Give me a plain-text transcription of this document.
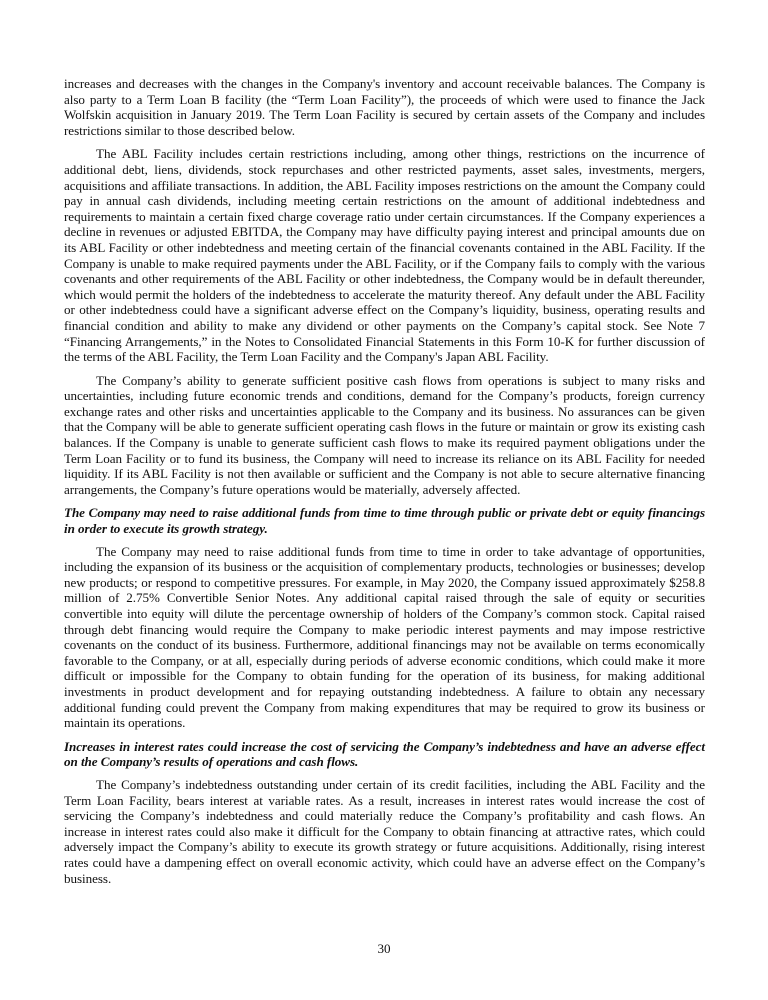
increases and decreases with the changes in the Company's inventory and account receivable balances. The Company is also party to a Term Loan B facility (the “Term Loan Facility”), the proceeds of which were used to finance the Jack Wolfskin acquisition in January 2019. The Term Loan Facility is secured by certain assets of the Company and includes restrictions similar to those described below.

The ABL Facility includes certain restrictions including, among other things, restrictions on the incurrence of additional debt, liens, dividends, stock repurchases and other restricted payments, asset sales, investments, mergers, acquisitions and affiliate transactions. In addition, the ABL Facility imposes restrictions on the amount the Company could pay in annual cash dividends, including meeting certain restrictions on the amount of additional indebtedness and requirements to maintain a certain fixed charge coverage ratio under certain circumstances. If the Company experiences a decline in revenues or adjusted EBITDA, the Company may have difficulty paying interest and principal amounts due on its ABL Facility or other indebtedness and meeting certain of the financial covenants contained in the ABL Facility. If the Company is unable to make required payments under the ABL Facility, or if the Company fails to comply with the various covenants and other requirements of the ABL Facility or other indebtedness, the Company would be in default thereunder, which would permit the holders of the indebtedness to accelerate the maturity thereof. Any default under the ABL Facility or other indebtedness could have a significant adverse effect on the Company’s liquidity, business, operating results and financial condition and ability to make any dividend or other payments on the Company’s capital stock. See Note 7 “Financing Arrangements,” in the Notes to Consolidated Financial Statements in this Form 10-K for further discussion of the terms of the ABL Facility, the Term Loan Facility and the Company's Japan ABL Facility.

The Company’s ability to generate sufficient positive cash flows from operations is subject to many risks and uncertainties, including future economic trends and conditions, demand for the Company’s products, foreign currency exchange rates and other risks and uncertainties applicable to the Company and its business. No assurances can be given that the Company will be able to generate sufficient operating cash flows in the future or maintain or grow its existing cash balances. If the Company is unable to generate sufficient cash flows to make its required payment obligations under the Term Loan Facility or to fund its business, the Company will need to increase its reliance on its ABL Facility for needed liquidity. If its ABL Facility is not then available or sufficient and the Company is not able to secure alternative financing arrangements, the Company’s future operations would be materially, adversely affected.

The Company may need to raise additional funds from time to time through public or private debt or equity financings in order to execute its growth strategy.

The Company may need to raise additional funds from time to time in order to take advantage of opportunities, including the expansion of its business or the acquisition of complementary products, technologies or businesses; develop new products; or respond to competitive pressures. For example, in May 2020, the Company issued approximately $258.8 million of 2.75% Convertible Senior Notes. Any additional capital raised through the sale of equity or securities convertible into equity will dilute the percentage ownership of holders of the Company’s common stock. Capital raised through debt financing would require the Company to make periodic interest payments and may impose restrictive covenants on the conduct of its business. Furthermore, additional financings may not be available on terms economically favorable to the Company, or at all, especially during periods of adverse economic conditions, which could make it more difficult or impossible for the Company to obtain funding for the operation of its business, for making additional investments in product development and for repaying outstanding indebtedness. A failure to obtain any necessary additional funding could prevent the Company from making expenditures that may be required to grow its business or maintain its operations.

Increases in interest rates could increase the cost of servicing the Company’s indebtedness and have an adverse effect on the Company’s results of operations and cash flows.

The Company’s indebtedness outstanding under certain of its credit facilities, including the ABL Facility and the Term Loan Facility, bears interest at variable rates. As a result, increases in interest rates would increase the cost of servicing the Company’s indebtedness and could materially reduce the Company’s profitability and cash flows. An increase in interest rates could also make it difficult for the Company to obtain financing at attractive rates, which could adversely impact the Company’s ability to execute its growth strategy or future acquisitions. Additionally, rising interest rates could have a dampening effect on overall economic activity, which could have an adverse effect on the Company’s business.

30
